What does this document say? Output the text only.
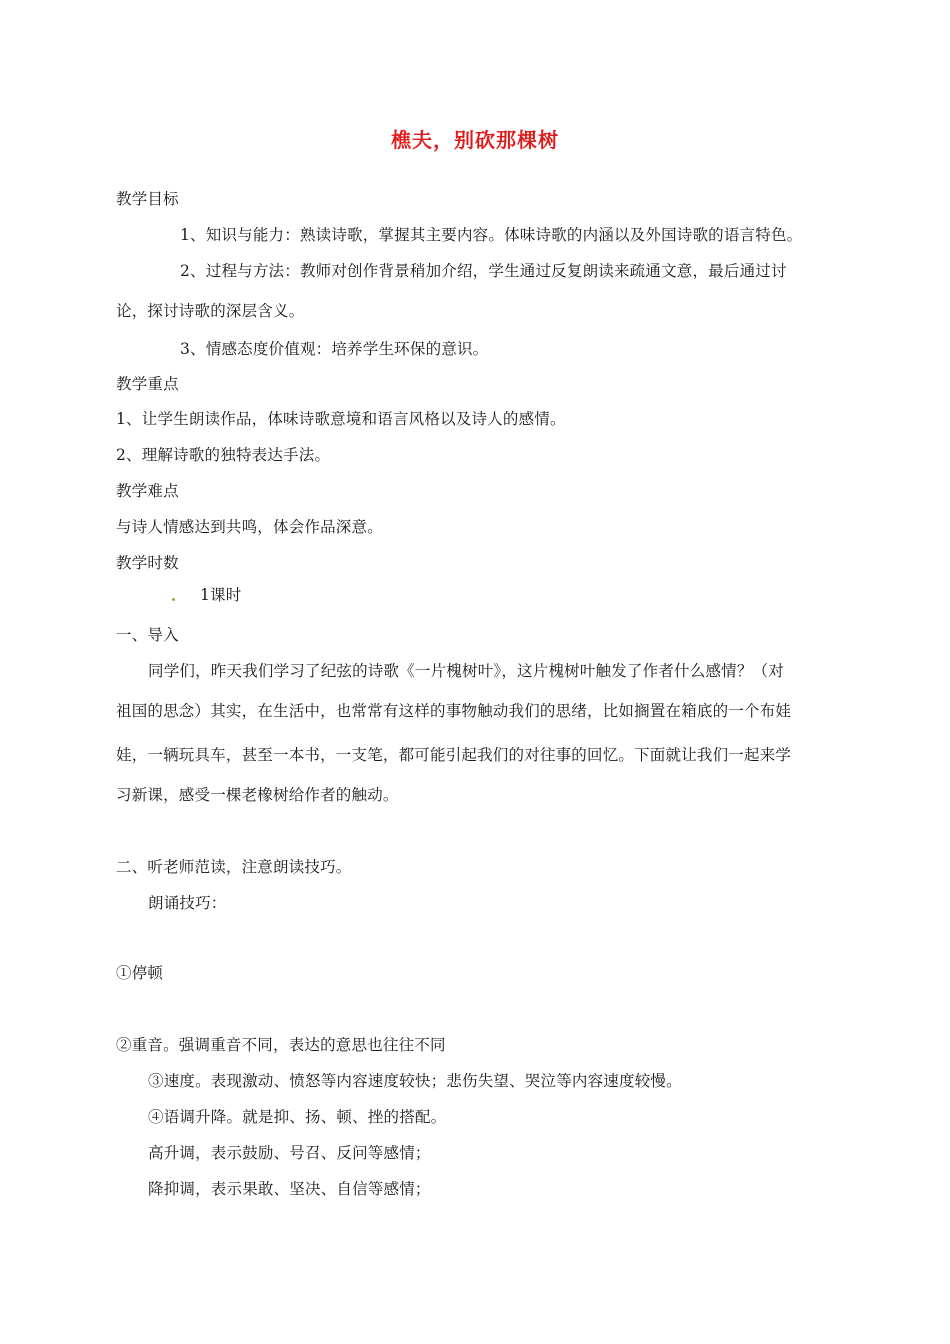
樵夫，别砍那棵树
教学目标
1、知识与能力：熟读诗歌，掌握其主要内容。体味诗歌的内涵以及外国诗歌的语言特色。
2、过程与方法：教师对创作背景稍加介绍，学生通过反复朗读来疏通文意，最后通过讨
论，探讨诗歌的深层含义。
3、情感态度价值观：培养学生环保的意识。
教学重点
1、让学生朗读作品，体味诗歌意境和语言风格以及诗人的感情。
2、理解诗歌的独特表达手法。
教学难点
与诗人情感达到共鸣，体会作品深意。
教学时数
1课时
一、导入
同学们，昨天我们学习了纪弦的诗歌《一片槐树叶》，这片槐树叶触发了作者什么感情？（对
祖国的思念）其实，在生活中，也常常有这样的事物触动我们的思绪，比如搁置在箱底的一个布娃
娃，一辆玩具车，甚至一本书，一支笔，都可能引起我们的对往事的回忆。下面就让我们一起来学
习新课，感受一棵老橡树给作者的触动。
二、听老师范读，注意朗读技巧。
朗诵技巧：
①停顿
②重音。强调重音不同，表达的意思也往往不同
③速度。表现激动、愤怒等内容速度较快；悲伤失望、哭泣等内容速度较慢。
④语调升降。就是抑、扬、顿、挫的搭配。
高升调，表示鼓励、号召、反问等感情；
降抑调，表示果敢、坚决、自信等感情；
